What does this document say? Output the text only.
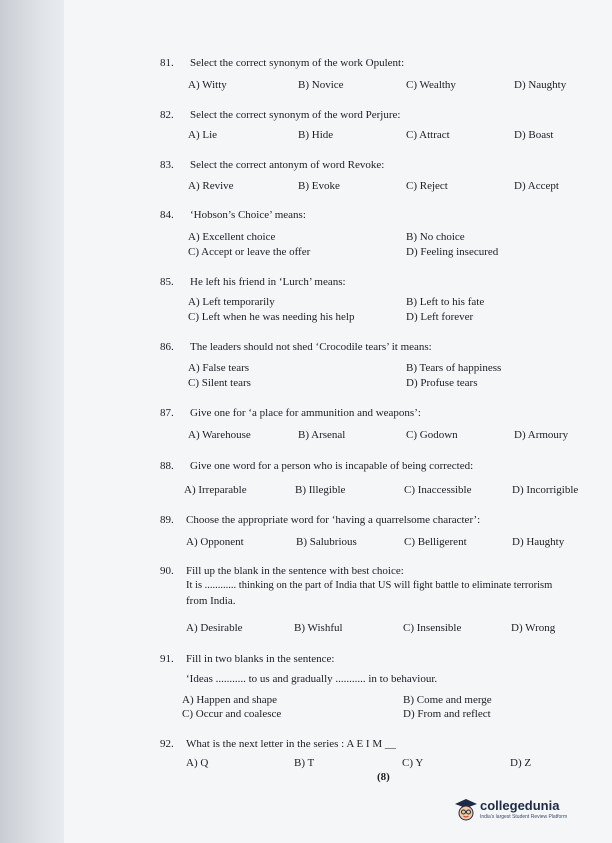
81. Select the correct synonym of the work Opulent:
A) Witty	B) Novice	C) Wealthy	D) Naughty
82. Select the correct synonym of the word Perjure:
A) Lie	B) Hide	C) Attract	D) Boast
83. Select the correct antonym of word Revoke:
A) Revive	B) Evoke	C) Reject	D) Accept
84. ‘Hobson’s Choice’ means:
A) Excellent choice	B) No choice
C) Accept or leave the offer	D) Feeling insecured
85. He left his friend in ‘Lurch’ means:
A) Left temporarily	B) Left to his fate
C) Left when he was needing his help	D) Left forever
86. The leaders should not shed ‘Crocodile tears’ it means:
A) False tears	B) Tears of happiness
C) Silent tears	D) Profuse tears
87. Give one for ‘a place for ammunition and weapons’:
A) Warehouse	B) Arsenal	C) Godown	D) Armoury
88. Give one word for a person who is incapable of being corrected:
A) Irreparable	B) Illegible	C) Inaccessible	D) Incorrigible
89. Choose the appropriate word for ‘having a quarrelsome character’:
A) Opponent	B) Salubrious	C) Belligerent	D) Haughty
90. Fill up the blank in the sentence with best choice:
It is ............ thinking on the part of India that US will fight battle to eliminate terrorism
from India.
A) Desirable	B) Wishful	C) Insensible	D) Wrong
91. Fill in two blanks in the sentence:
‘Ideas ........... to us and gradually ........... in to behaviour.
A) Happen and shape	B) Come and merge
C) Occur and coalesce	D) From and reflect
92. What is the next letter in the series : A E I M __
A) Q	B) T	C) Y	D) Z
(8)
collegedunia
India's largest Student Review Platform
